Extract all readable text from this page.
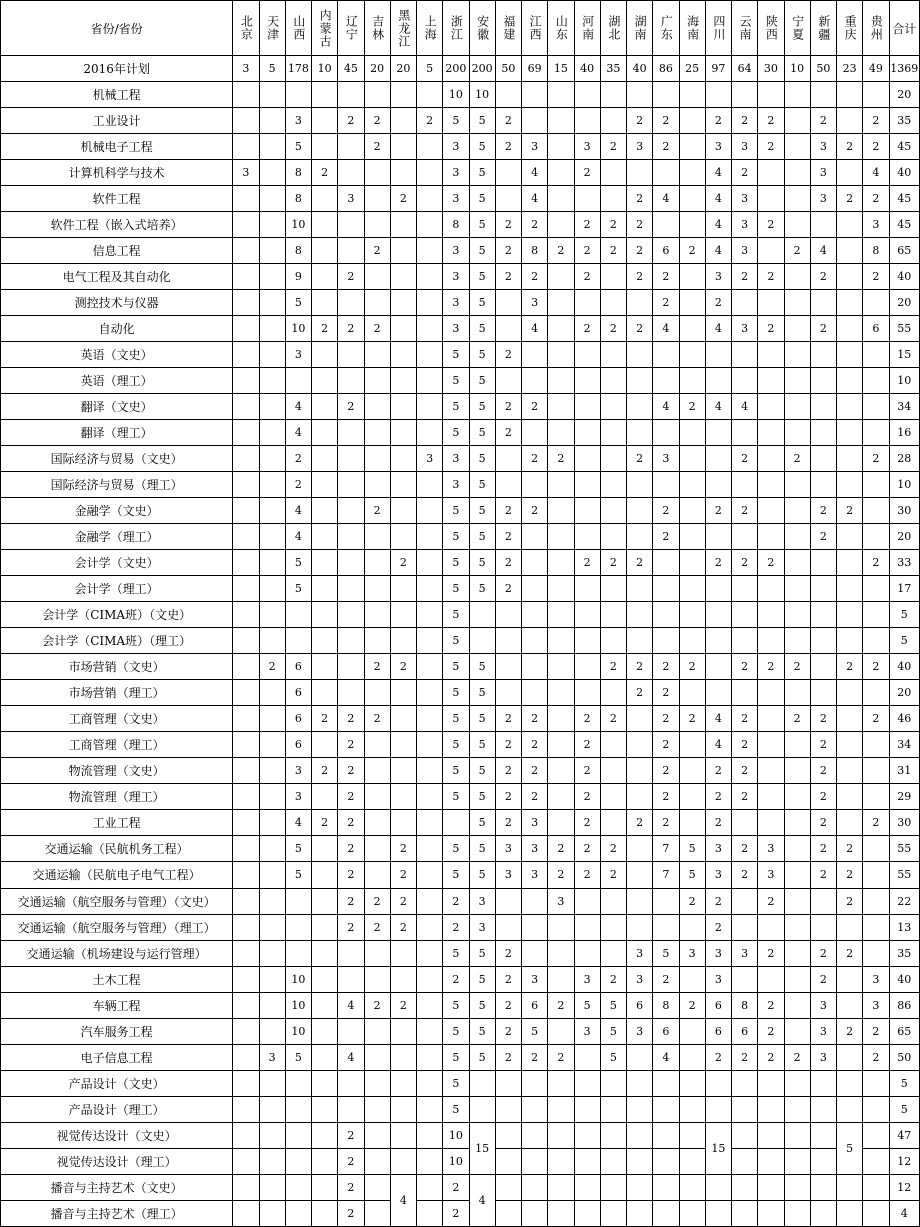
省份/省份	北京	天津	山西	内蒙古	辽宁	吉林	黑龙江	上海	浙江	安徽	福建	江西	山东	河南	湖北	湖南	广东	海南	四川	云南	陕西	宁夏	新疆	重庆	贵州	合计
2016年计划	3	5	178	10	45	20	20	5	200	200	50	69	15	40	35	40	86	25	97	64	30	10	50	23	49	1369
机械工程									10	10																20
工业设计			3		2	2		2	5	5	2					2	2		2	2	2		2		2	35
机械电子工程			5			2			3	5	2	3		3	2	3	2		3	3	2		3	2	2	45
计算机科学与技术	3		8	2					3	5		4		2					4	2			3		4	40
软件工程			8		3		2		3	5		4				2	4		4	3			3	2	2	45
软件工程（嵌入式培养）			10						8	5	2	2		2	2	2			4	3	2				3	45
信息工程			8			2			3	5	2	8	2	2	2	2	6	2	4	3		2	4		8	65
电气工程及其自动化			9		2				3	5	2	2		2		2	2		3	2	2		2		2	40
测控技术与仪器			5						3	5		3					2		2							20
自动化			10	2	2	2			3	5		4		2	2	2	4		4	3	2		2		6	55
英语（文史）			3						5	5	2															15
英语（理工）									5	5																10
翻译（文史）			4		2				5	5	2	2					4	2	4	4						34
翻译（理工）			4						5	5	2															16
国际经济与贸易（文史）			2					3	3	5		2	2			2	3			2		2			2	28
国际经济与贸易（理工）			2						3	5																10
金融学（文史）			4			2			5	5	2	2					2		2	2			2	2		30
金融学（理工）			4						5	5	2						2						2			20
会计学（文史）			5				2		5	5	2			2	2	2			2	2	2				2	33
会计学（理工）			5						5	5	2															17
会计学（CIMA班）（文史）									5																	5
会计学（CIMA班）（理工）									5																	5
市场营销（文史）		2	6			2	2		5	5					2	2	2	2		2	2	2		2	2	40
市场营销（理工）			6						5	5						2	2									20
工商管理（文史）			6	2	2	2			5	5	2	2		2	2		2	2	4	2		2	2		2	46
工商管理（理工）			6		2				5	5	2	2		2			2		4	2			2			34
物流管理（文史）			3	2	2				5	5	2	2		2			2		2	2			2			31
物流管理（理工）			3		2				5	5	2	2		2			2		2	2			2			29
工业工程			4	2	2					5	2	3		2		2	2		2				2		2	30
交通运输（民航机务工程）			5		2		2		5	5	3	3	2	2	2		7	5	3	2	3		2	2		55
交通运输（民航电子电气工程）			5		2		2		5	5	3	3	2	2	2		7	5	3	2	3		2	2		55
交通运输（航空服务与管理）（文史）					2	2	2		2	3			3					2	2		2			2		22
交通运输（航空服务与管理）（理工）					2	2	2		2	3									2							13
交通运输（机场建设与运行管理）									5	5	2					3	5	3	3	3	2		2	2		35
土木工程			10						2	5	2	3		3	2	3	2		3				2		3	40
车辆工程			10		4	2	2		5	5	2	6	2	5	5	6	8	2	6	8	2		3		3	86
汽车服务工程			10						5	5	2	5		3	5	3	6		6	6	2		3	2	2	65
电子信息工程		3	5		4				5	5	2	2	2		5		4		2	2	2	2	3		2	50
产品设计（文史）									5																	5
产品设计（理工）									5																	5
视觉传达设计（文史）					2				10	15									15					5		47
视觉传达设计（理工）					2				10																	12
播音与主持艺术（文史）					2		4		2	4																12
播音与主持艺术（理工）					2				2																	4
